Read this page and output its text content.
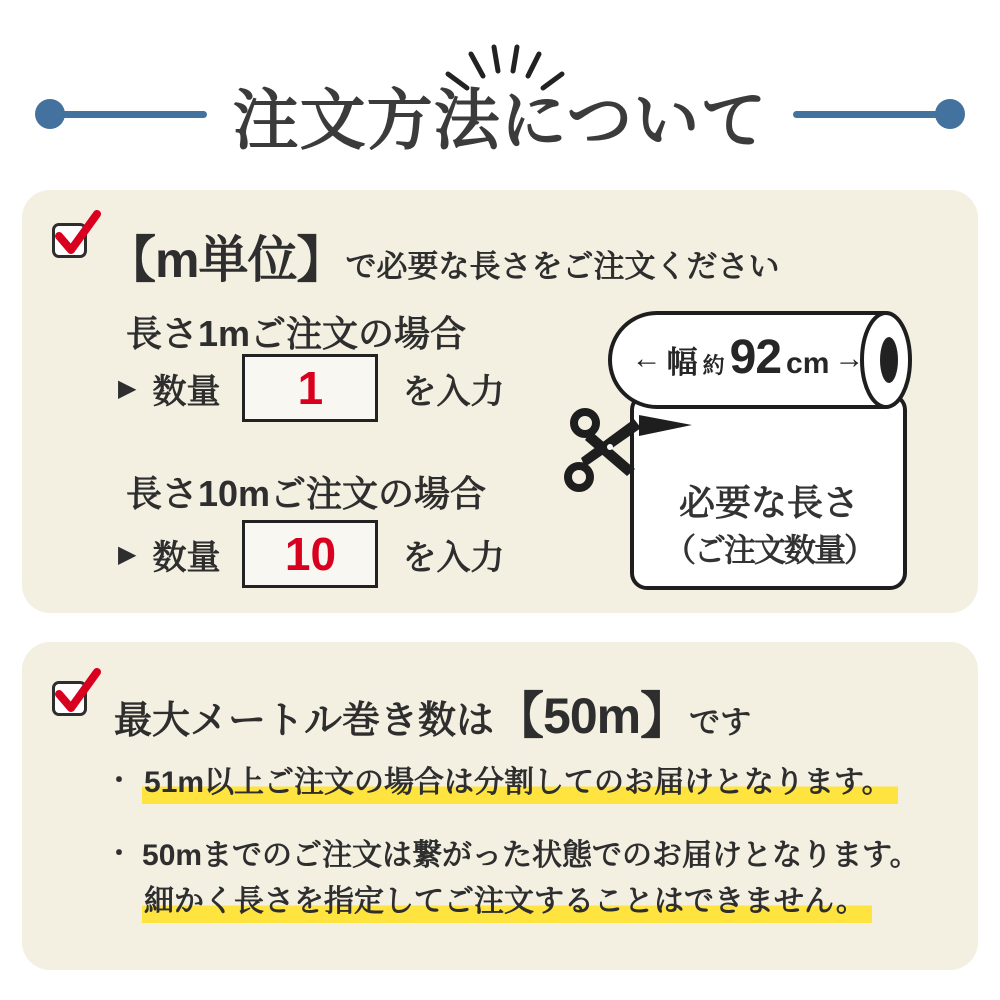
注文方法について
【m単位】で必要な長さをご注文ください
長さ1mご注文の場合
▶ 数量	1	を入力
長さ10mご注文の場合
▶ 数量	10	を入力
← 幅 約 92 cm →
必要な長さ
（ご注文数量）
最大メートル巻き数は 【50m】 です
・ 51m以上ご注文の場合は分割してのお届けとなります。
・ 50mまでのご注文は繋がった状態でのお届けとなります。
細かく長さを指定してご注文することはできません。
